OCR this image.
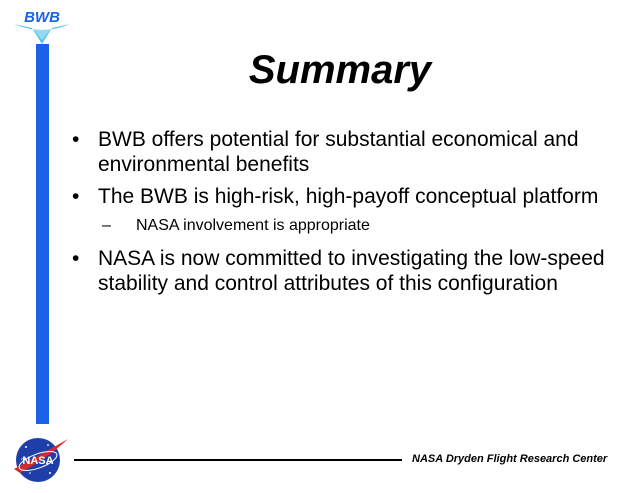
BWB
Summary
• BWB offers potential for substantial economical and environmental benefits
• The BWB is high-risk, high-payoff conceptual platform
– NASA involvement is appropriate
• NASA is now committed to investigating the low-speed stability and control attributes of this configuration
NASA	NASA Dryden Flight Research Center
